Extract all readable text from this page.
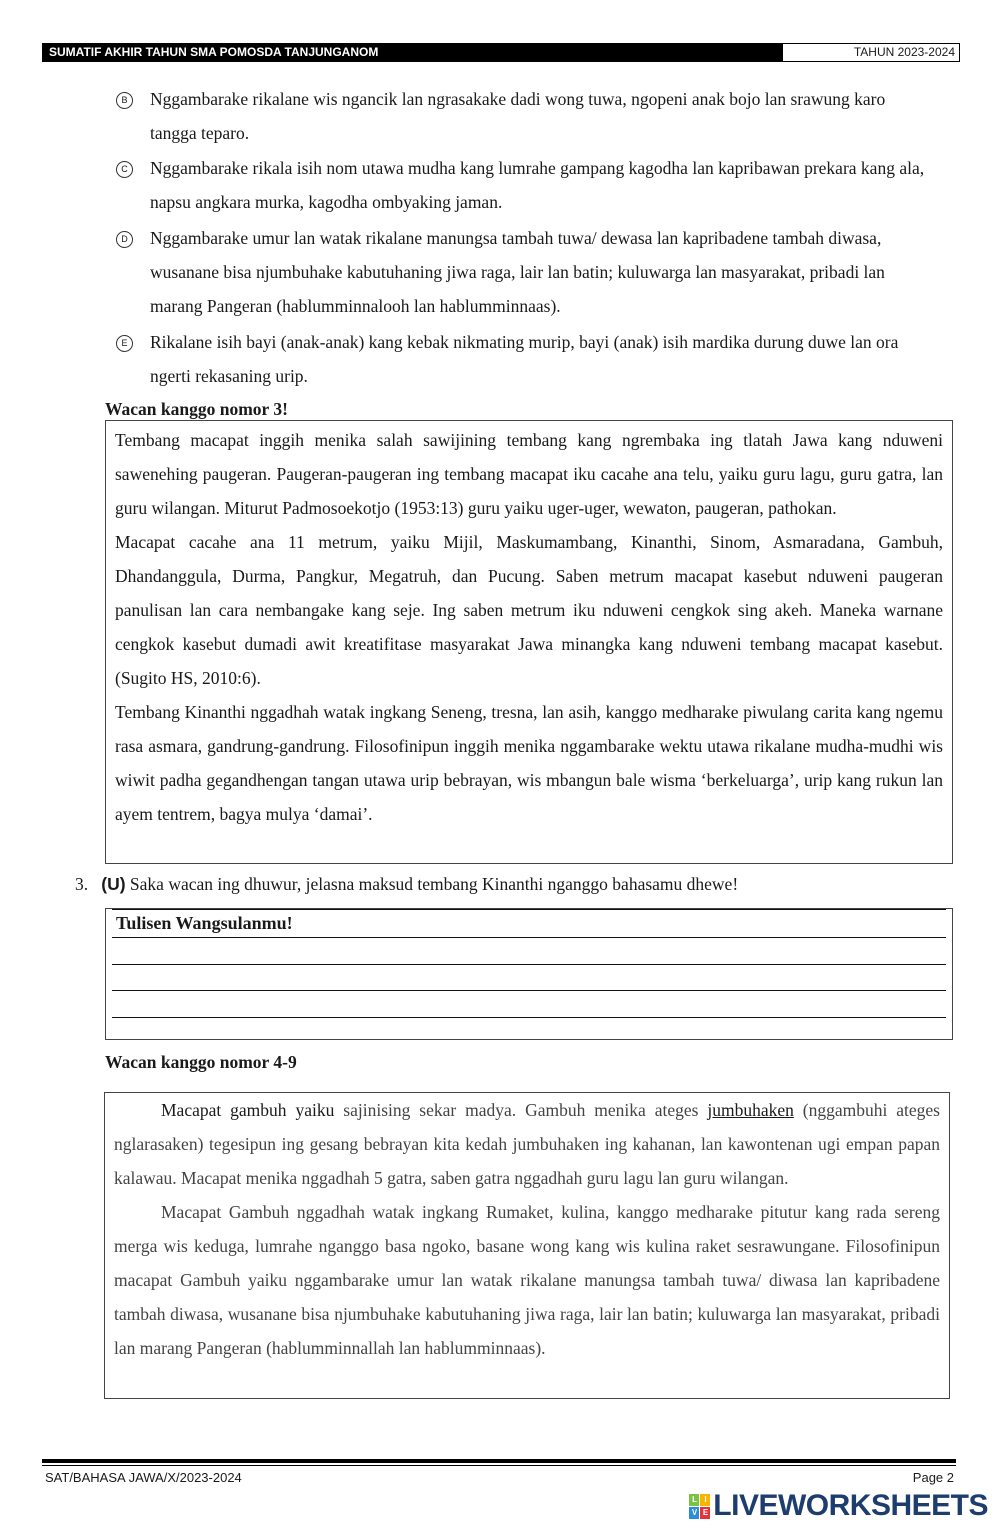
SUMATIF AKHIR TAHUN SMA POMOSDA TANJUNGANOM	TAHUN 2023-2024
B	Nggambarake rikalane wis ngancik lan ngrasakake dadi wong tuwa, ngopeni anak bojo lan srawung karo tangga teparo.
C	Nggambarake rikala isih nom utawa mudha kang lumrahe gampang kagodha lan kapribawan prekara kang ala, napsu angkara murka, kagodha ombyaking jaman.
D	Nggambarake umur lan watak rikalane manungsa tambah tuwa/ dewasa lan kapribadene tambah diwasa, wusanane bisa njumbuhake kabutuhaning jiwa raga, lair lan batin; kuluwarga lan masyarakat, pribadi lan marang Pangeran (hablumminnalooh lan hablumminnaas).
E	Rikalane isih bayi (anak-anak) kang kebak nikmating murip, bayi (anak) isih mardika durung duwe lan ora ngerti rekasaning urip.
Wacan kanggo nomor 3!

Tembang macapat inggih menika salah sawijining tembang kang ngrembaka ing tlatah Jawa kang nduweni sawenehing paugeran. Paugeran-paugeran ing tembang macapat iku cacahe ana telu, yaiku guru lagu, guru gatra, lan guru wilangan. Miturut Padmosoekotjo (1953:13) guru yaiku uger-uger, wewaton, paugeran, pathokan.

Macapat cacahe ana 11 metrum, yaiku Mijil, Maskumambang, Kinanthi, Sinom, Asmaradana, Gambuh, Dhandanggula, Durma, Pangkur, Megatruh, dan Pucung. Saben metrum macapat kasebut nduweni paugeran panulisan lan cara nembangake kang seje. Ing saben metrum iku nduweni cengkok sing akeh. Maneka warnane cengkok kasebut dumadi awit kreatifitase masyarakat Jawa minangka kang nduweni tembang macapat kasebut. (Sugito HS, 2010:6).

Tembang Kinanthi nggadhah watak ingkang Seneng, tresna, lan asih, kanggo medharake piwulang carita kang ngemu rasa asmara, gandrung-gandrung. Filosofinipun inggih menika nggambarake wektu utawa rikalane mudha-mudhi wis wiwit padha gegandhengan tangan utawa urip bebrayan, wis mbangun bale wisma ‘berkeluarga’, urip kang rukun lan ayem tentrem, bagya mulya ‘damai’.

3. (U) Saka wacan ing dhuwur, jelasna maksud tembang Kinanthi nganggo bahasamu dhewe!
Tulisen Wangsulanmu!
Wacan kanggo nomor 4-9

Macapat gambuh yaiku sajinising sekar madya. Gambuh menika ateges jumbuhaken (nggambuhi ateges nglarasaken) tegesipun ing gesang bebrayan kita kedah jumbuhaken ing kahanan, lan kawontenan ugi empan papan kalawau. Macapat menika nggadhah 5 gatra, saben gatra nggadhah guru lagu lan guru wilangan.

Macapat Gambuh nggadhah watak ingkang Rumaket, kulina, kanggo medharake pitutur kang rada sereng merga wis keduga, lumrahe nganggo basa ngoko, basane wong kang wis kulina raket sesrawungane. Filosofinipun macapat Gambuh yaiku nggambarake umur lan watak rikalane manungsa tambah tuwa/ diwasa lan kapribadene tambah diwasa, wusanane bisa njumbuhake kabutuhaning jiwa raga, lair lan batin; kuluwarga lan masyarakat, pribadi lan marang Pangeran (hablumminnallah lan hablumminnaas).

SAT/BAHASA JAWA/X/2023-2024	Page 2
L I
V E LIVEWORKSHEETS
